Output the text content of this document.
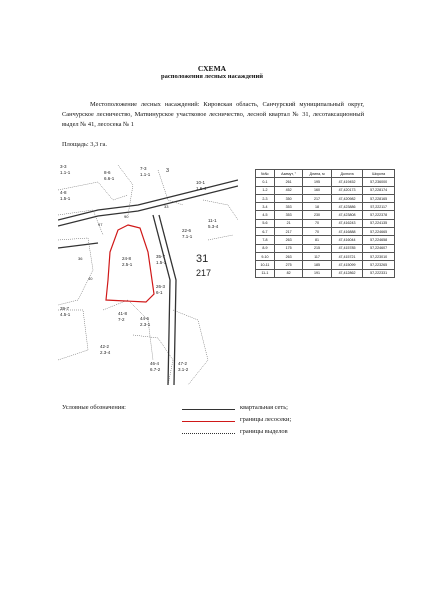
СХЕМА
расположения лесных насаждений
Местоположение лесных насаждений: Кировская область, Санчурский муниципальный округ, Санчурское лесничество, Матвинурское участковое лесничество, лесной квартал № 31, лесотаксационный выдел № 41, лесосека № 1
Площадь: 3,3 га.
3-3
1.1-1
4-8
1.5-1
8-6
6.6-1
7-3
1.1-1
10-1
1.6-4
11-1
5.3-4
22-6
7.1-1
24-8
2.5-1
35-7
1.5-1
39-7
4.5-1	41-8
7-2	44-6
2.3-1
42-2
2.3-4
46-4
6.7-2
47-2
3.1-2
26-3
6-1
31
217
3
97
90
33
36
40
№№	Азимут, °	Длина, м	Долгота	Широта
0-1	261	195	47,419452	57,236000
1-2	452	160	47,420173	57,228174
2-3	350	217	47,420982	57,228165
3-4	353	18	47,423886	57,222117
4-5	353	230	47,423808	57,222378
5-6	21	70	47,416243	57,224135
6-7	217	70	47,416888	57,224665
7-8	263	81	47,416044	57,224658
8-9	175	215	47,415785	57,224607
9-10	263	117	47,415721	57,223010
10-11	275	185	47,415099	57,223265
11-1	82	191	47,412862	57,222331
Условные обозначения:	квартальная сеть;
границы лесосеки;
границы выделов
